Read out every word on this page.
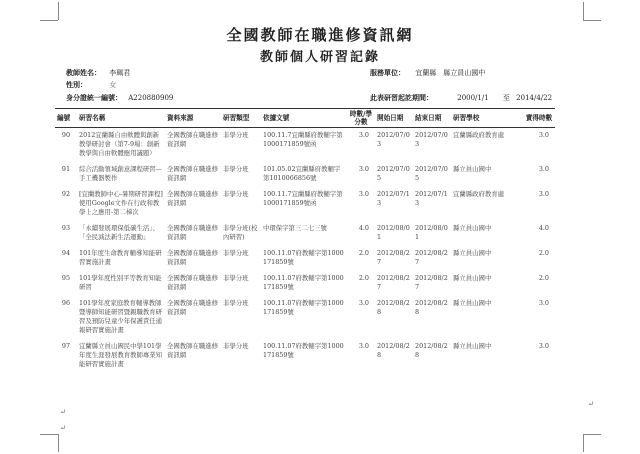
全國教師在職進修資訊網
教師個人研習記錄
教師姓名： 李珮君
性別：	女
身分證統一編號： A220880909
服務單位： 宜蘭縣　縣立員山國中
此表研習起訖期間：	2000/1/1 至 2014/4/22
編號	研習名稱	資料來源	研習類型	依據文號	時數/學分數	開始日期	結束日期	研習學校	實得時數
90	2012宜蘭縣自由軟體與創新教學研討會（第7-9場：創新教學與自由軟體應用議題）	全國教師在職進修資訊網	非學分班	100.11.7宜蘭縣府教輔字第1000171859號函	3.0	2012/07/03	2012/07/03	宜蘭縣政府教育處	3.0
91	綜合活動領域創意課程研習—手工機器製作	全國教師在職進修資訊網	非學分班	101.05.02宜蘭縣府教輔字第1010066856號	3.0	2012/07/05	2012/07/05	縣立員山國中	3.0
92	[宜蘭教師中心-暑期研習課程]使用Google文件在行政和教學上之應用-第二梯次	全國教師在職進修資訊網	非學分班	100.11.7宜蘭縣府教輔字第1000171859號函	3.0	2012/07/13	2012/07/13	宜蘭縣政府教育處	3.0
93	「永續發展環保低碳生活」、「全民減法新生活運動」	全國教師在職進修資訊網	非學分班(校內研習)	中環保字第三二七三號	4.0	2012/08/01	2012/08/01	縣立員山國中	4.0
94	101年度生命教育輔導知能研習實施計畫	全國教師在職進修資訊網	非學分班	100.11.07府教輔字第1000171859號	2.0	2012/08/27	2012/08/27	縣立員山國中	2.0
95	101學年度性別平等教育知能研習	全國教師在職進修資訊網	非學分班	100.11.07府教輔字第1000171859號	2.0	2012/08/27	2012/08/27	縣立員山國中	2.0
96	101學年度家庭教育輔導教師暨導師知能研習暨親職教育研習及預防兒童少年保護責任通報研習實施計畫	全國教師在職進修資訊網	非學分班	100.11.07府教輔字第1000171859號	3.0	2012/08/28	2012/08/28	縣立員山國中	3.0
97	宜蘭縣立員山國民中學101學年度生涯發展教育教師專業知能研習實施計畫	全國教師在職進修資訊網	非學分班	100.11.07府教輔字第1000171859號	3.0	2012/08/28	2012/08/28	縣立員山國中	3.0
↵
↵
↵
